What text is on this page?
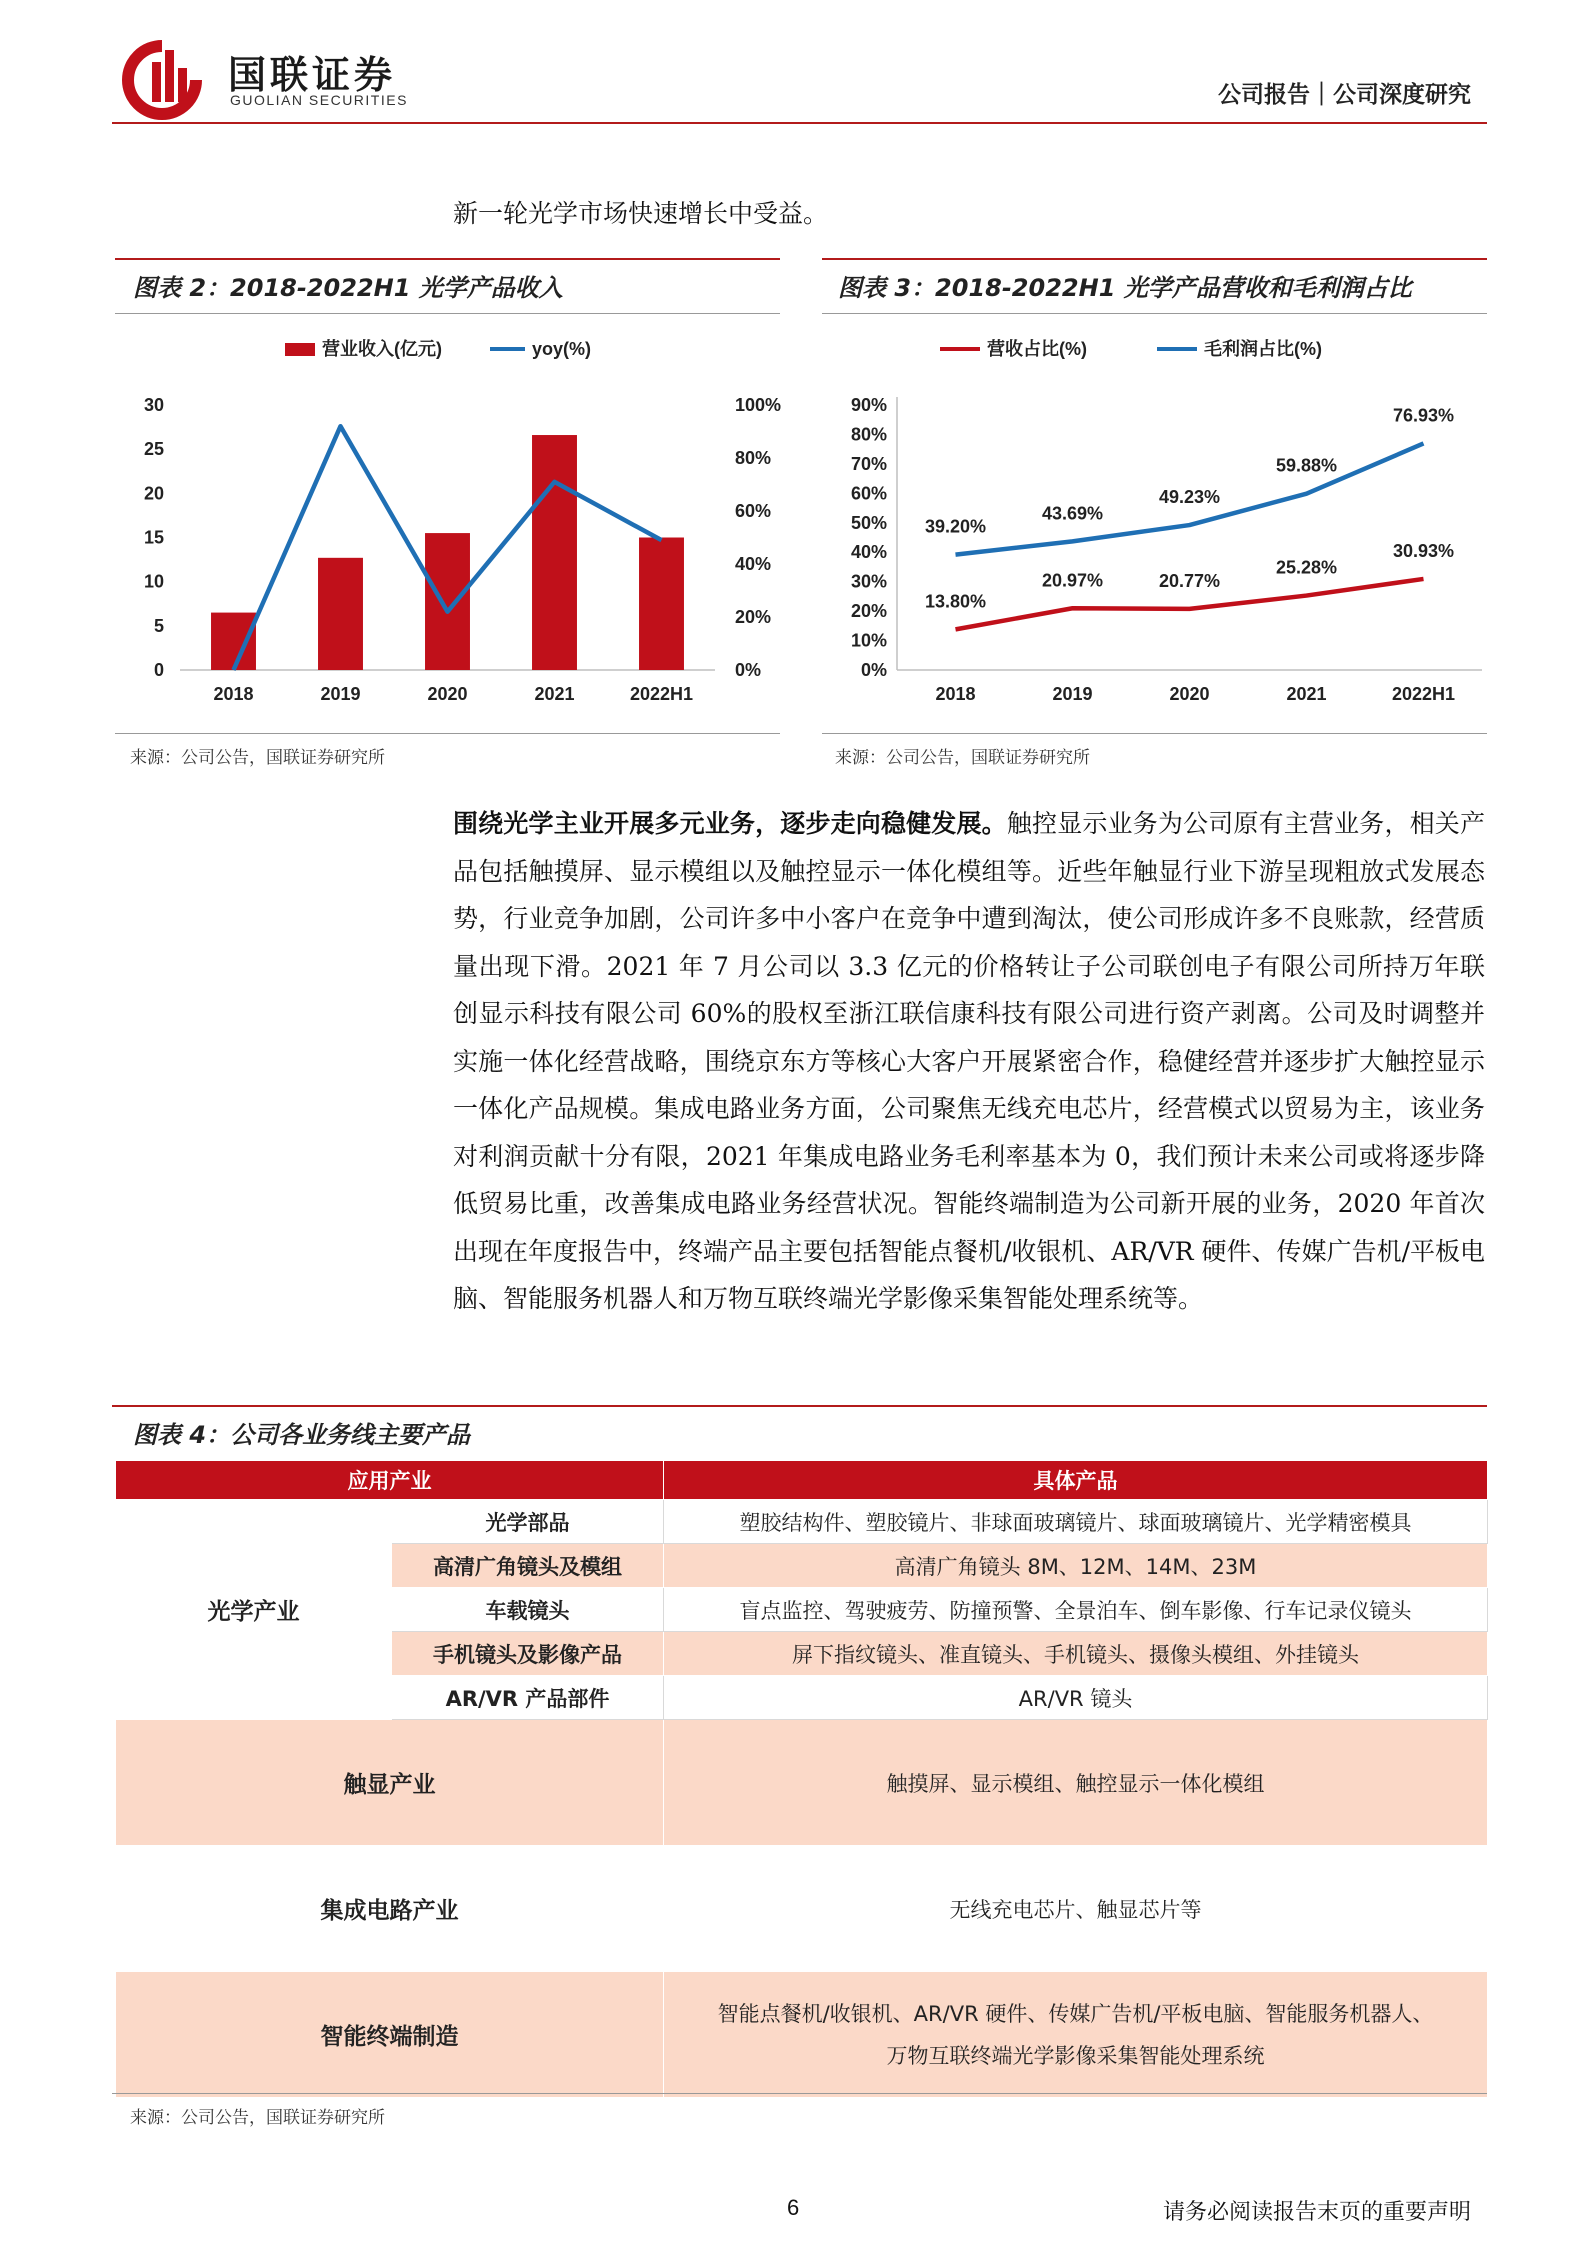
国联证券
GUOLIAN SECURITIES	公司报告｜公司深度研究
新一轮光学市场快速增长中受益。
图表 2：2018-2022H1 光学产品收入	图表 3：2018-2022H1 光学产品营收和毛利润占比
营业收入(亿元)	yoy(%)
0
5
10
15
20
25
30
0%
20%
40%
60%
80%
100%
2018	2019	2020	2021	2022H1
来源：公司公告，国联证券研究所
营收占比(%)	毛利润占比(%)
0%
10%
20%
30%
40%
50%
60%
70%
80%
90%
13.80%
20.97%	20.77%
25.28%
30.93%
39.20%
43.69%
49.23%
59.88%
76.93%
2018	2019	2020	2021	2022H1
来源：公司公告，国联证券研究所
围绕光学主业开展多元业务，逐步走向稳健发展。触控显示业务为公司原有主营业务，相关产品包括触摸屏、显示模组以及触控显示一体化模组等。近些年触显行业下游呈现粗放式发展态势，行业竞争加剧，公司许多中小客户在竞争中遭到淘汰，使公司形成许多不良账款，经营质量出现下滑。2021 年 7 月公司以 3.3 亿元的价格转让子公司联创电子有限公司所持万年联创显示科技有限公司 60%的股权至浙江联信康科技有限公司进行资产剥离。公司及时调整并实施一体化经营战略，围绕京东方等核心大客户开展紧密合作，稳健经营并逐步扩大触控显示一体化产品规模。集成电路业务方面，公司聚焦无线充电芯片，经营模式以贸易为主，该业务对利润贡献十分有限，2021 年集成电路业务毛利率基本为 0，我们预计未来公司或将逐步降低贸易比重，改善集成电路业务经营状况。智能终端制造为公司新开展的业务，2020 年首次出现在年度报告中，终端产品主要包括智能点餐机/收银机、AR/VR 硬件、传媒广告机/平板电脑、智能服务机器人和万物互联终端光学影像采集智能处理系统等。
图表 4：公司各业务线主要产品
应用产业		具体产品
光学产业	光学部品	塑胶结构件、塑胶镜片、非球面玻璃镜片、球面玻璃镜片、光学精密模具
	高清广角镜头及模组	高清广角镜头 8M、12M、14M、23M
	车载镜头	盲点监控、驾驶疲劳、防撞预警、全景泊车、倒车影像、行车记录仪镜头
	手机镜头及影像产品	屏下指纹镜头、准直镜头、手机镜头、摄像头模组、外挂镜头
	AR/VR 产品部件	AR/VR 镜头
触显产业		触摸屏、显示模组、触控显示一体化模组
集成电路产业		无线充电芯片、触显芯片等
智能终端制造		智能点餐机/收银机、AR/VR 硬件、传媒广告机/平板电脑、智能服务机器人、
万物互联终端光学影像采集智能处理系统
来源：公司公告，国联证券研究所
6	请务必阅读报告末页的重要声明
